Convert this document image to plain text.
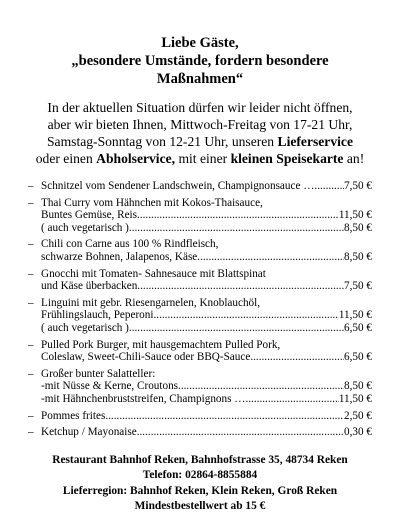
Liebe Gäste,
„besondere Umstände, fordern besondere Maßnahmen“
In der aktuellen Situation dürfen wir leider nicht öffnen,
aber wir bieten Ihnen, Mittwoch-Freitag von 17-21 Uhr,
Samstag-Sonntag von 12-21 Uhr, unseren Lieferservice
oder einen Abholservice, mit einer kleinen Speisekarte an!
– Schnitzel vom Sendener Landschwein, Champignonsauce … .....	7,50 €
– Thai Curry vom Hähnchen mit Kokos-Thaisauce,
Buntes Gemüse, Reis .....	11,50 €
( auch vegetarisch ) .....	8,50 €
– Chili con Carne aus 100 % Rindfleisch,
schwarze Bohnen, Jalapenos, Käse .....	8,50 €
– Gnocchi mit Tomaten- Sahnesauce mit Blattspinat
und Käse überbacken .....	7,50 €
– Linguini mit gebr. Riesengarnelen, Knoblauchöl,
Frühlingslauch, Peperoni .....	11,50 €
( auch vegetarisch ) .....	6,50 €
– Pulled Pork Burger, mit hausgemachtem Pulled Pork,
Coleslaw, Sweet-Chili-Sauce oder BBQ-Sauce .....	6,50 €
– Großer bunter Salatteller:
-mit Nüsse & Kerne, Croutons .....	8,50 €
-mit Hähnchenbruststreifen, Champignons … .....	11,50 €
– Pommes frites .....	2,50 €
– Ketchup / Mayonaise .....	0,30 €
Restaurant Bahnhof Reken, Bahnhofstrasse 35, 48734 Reken
Telefon: 02864-8855884
Lieferregion: Bahnhof Reken, Klein Reken, Groß Reken
Mindestbestellwert ab 15 €
